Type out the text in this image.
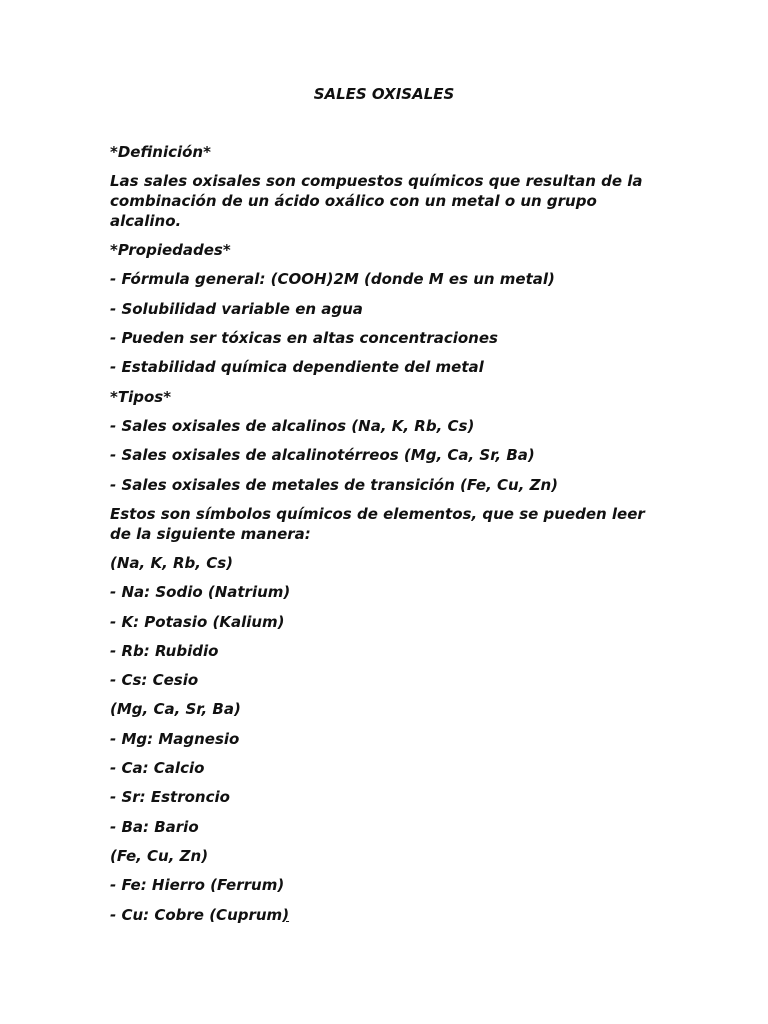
SALES OXISALES

*Definición*

Las sales oxisales son compuestos químicos que resultan de la combinación de un ácido oxálico con un metal o un grupo alcalino.

*Propiedades*

- Fórmula general: (COOH)2M (donde M es un metal)

- Solubilidad variable en agua

- Pueden ser tóxicas en altas concentraciones

- Estabilidad química dependiente del metal

*Tipos*

- Sales oxisales de alcalinos (Na, K, Rb, Cs)

- Sales oxisales de alcalinotérreos (Mg, Ca, Sr, Ba)

- Sales oxisales de metales de transición (Fe, Cu, Zn)

Estos son símbolos químicos de elementos, que se pueden leer de la siguiente manera:

(Na, K, Rb, Cs)

- Na: Sodio (Natrium)

- K: Potasio (Kalium)

- Rb: Rubidio

- Cs: Cesio

(Mg, Ca, Sr, Ba)

- Mg: Magnesio

- Ca: Calcio

- Sr: Estroncio

- Ba: Bario

(Fe, Cu, Zn)

- Fe: Hierro (Ferrum)

- Cu: Cobre (Cuprum)
